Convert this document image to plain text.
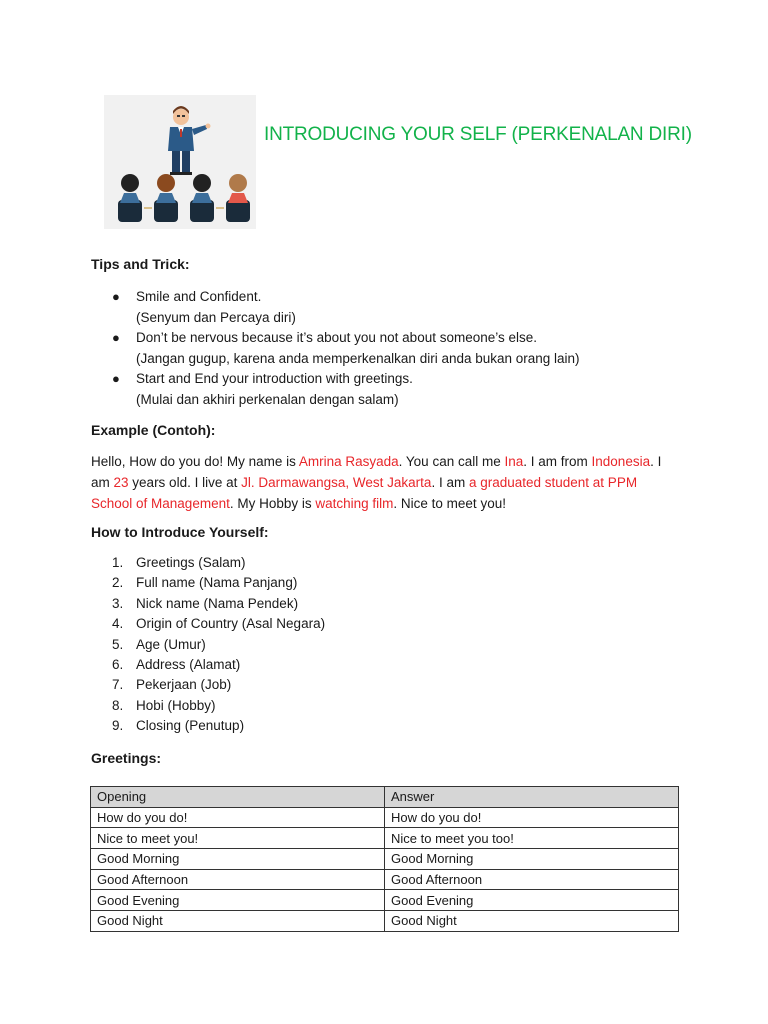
INTRODUCING YOUR SELF (PERKENALAN DIRI)
Tips and Trick:
● Smile and Confident.
(Senyum dan Percaya diri)
● Don’t be nervous because it’s about you not about someone’s else.
(Jangan gugup, karena anda memperkenalkan diri anda bukan orang lain)
● Start and End your introduction with greetings.
(Mulai dan akhiri perkenalan dengan salam)
Example (Contoh):
Hello, How do you do! My name is Amrina Rasyada. You can call me Ina. I am from Indonesia. I am 23 years old. I live at Jl. Darmawangsa, West Jakarta. I am a graduated student at PPM School of Management. My Hobby is watching film. Nice to meet you!
How to Introduce Yourself:
1. Greetings (Salam)
2. Full name (Nama Panjang)
3. Nick name (Nama Pendek)
4. Origin of Country (Asal Negara)
5. Age (Umur)
6. Address (Alamat)
7. Pekerjaan (Job)
8. Hobi (Hobby)
9. Closing (Penutup)
Greetings:
Opening	Answer
How do you do!	How do you do!
Nice to meet you!	Nice to meet you too!
Good Morning	Good Morning
Good Afternoon	Good Afternoon
Good Evening	Good Evening
Good Night	Good Night
